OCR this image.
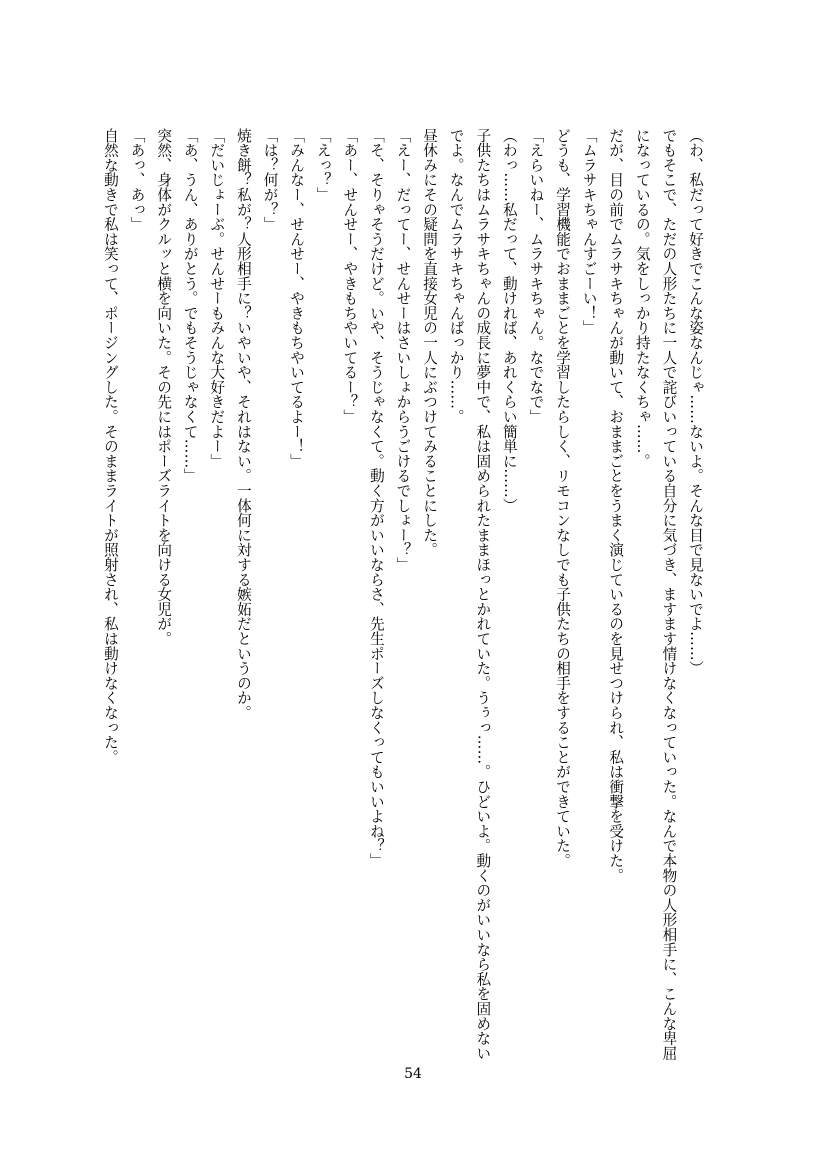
（わ、私だって好きでこんな姿なんじゃ……ないよ。そんな目で見ないでよ……）

でもそこで、ただの人形たちに一人で詫びいっている自分に気づき、ますます情けなくなっていった。なんで本物の人形相手に、こんな卑屈

になっているの。気をしっかり持たなくちゃ……。

だが、目の前でムラサキちゃんが動いて、おままごとをうまく演じているのを見せつけられ、私は衝撃を受けた。

「ムラサキちゃんすごーい！」

どうも、学習機能でおままごとを学習したらしく、リモコンなしでも子供たちの相手をすることができていた。

「えらいねー、ムラサキちゃん。なでなで」

（わっ……私だって、動ければ、あれくらい簡単に……）

子供たちはムラサキちゃんの成長に夢中で、私は固められたままほっとかれていた。うぅっ……。ひどいよ。動くのがいいなら私を固めない

でよ。なんでムラサキちゃんばっかり……。

昼休みにその疑問を直接女児の一人にぶつけてみることにした。

「えー、だってー、せんせーはさいしょからうごけるでしょー？」

「そ、そりゃそうだけど。いや、そうじゃなくて。動く方がいいならさ、先生ポーズしなくってもいいよね？」

「あー、せんせー、やきもちやいてるー？」

「えっ？」

「みんなー、せんせー、やきもちやいてるよー！」

「は？何が？」

焼き餅？私が？人形相手に？いやいや、それはない。一体何に対する嫉妬だというのか。

「だいじょーぶ。せんせーもみんな大好きだよー」

「あ、うん、ありがとう。でもそうじゃなくて……」

突然、身体がクルッと横を向いた。その先にはポーズライトを向ける女児が。

「あっ、あっ」

自然な動きで私は笑って、ポージングした。そのままライトが照射され、私は動けなくなった。

54
